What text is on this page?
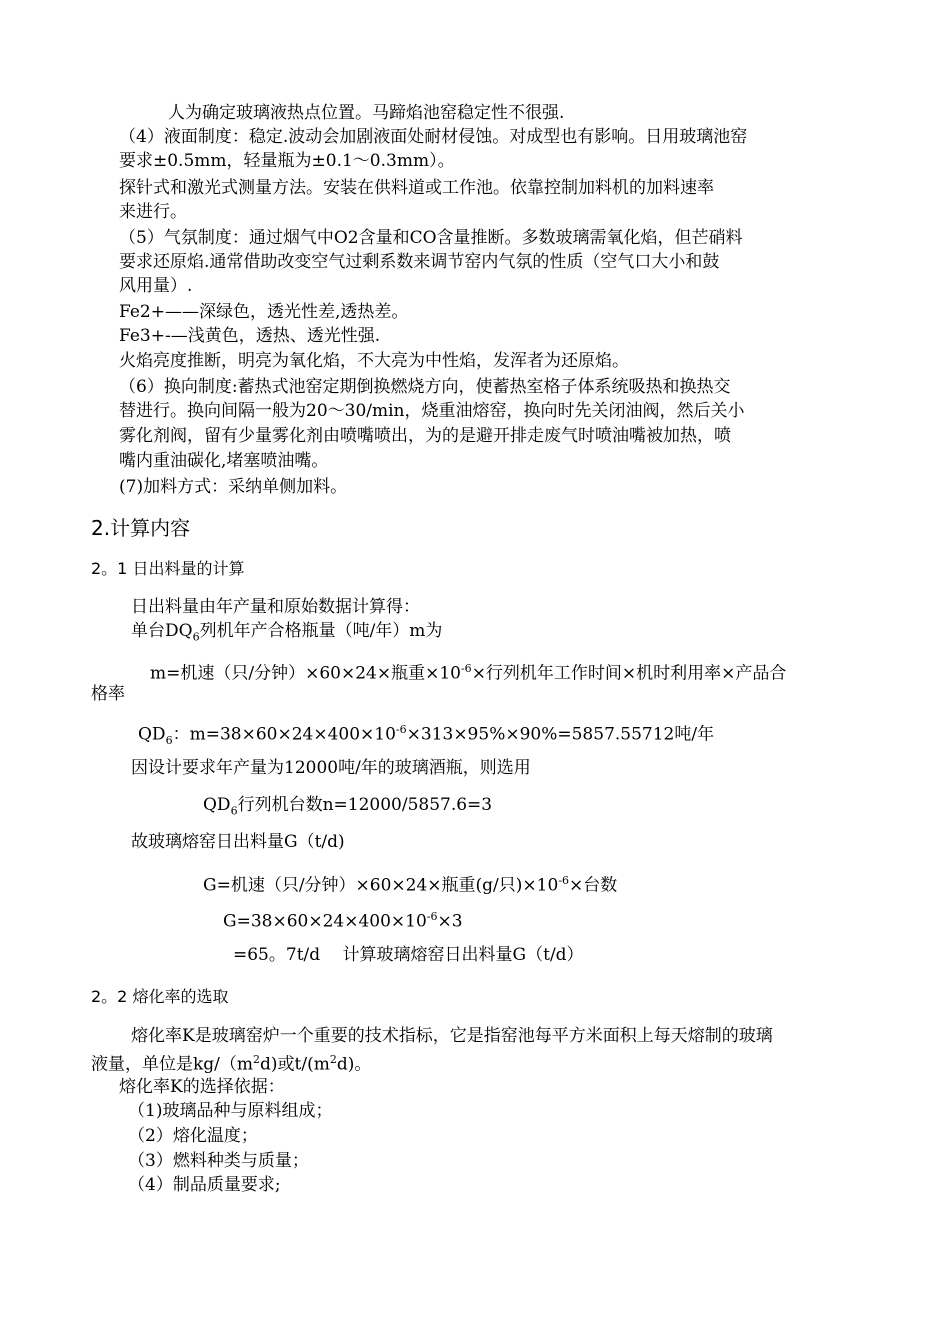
人为确定玻璃液热点位置。马蹄焰池窑稳定性不很强.
（4）液面制度：稳定.波动会加剧液面处耐材侵蚀。对成型也有影响。日用玻璃池窑
要求±0.5mm，轻量瓶为±0.1～0.3mm）。
探针式和激光式测量方法。安装在供料道或工作池。依靠控制加料机的加料速率
来进行。
（5）气氛制度：通过烟气中O2含量和CO含量推断。多数玻璃需氧化焰，但芒硝料
要求还原焰.通常借助改变空气过剩系数来调节窑内气氛的性质（空气口大小和鼓
风用量）.
Fe2+——深绿色，透光性差,透热差。
Fe3+-—浅黄色，透热、透光性强.
火焰亮度推断，明亮为氧化焰，不大亮为中性焰，发浑者为还原焰。
（6）换向制度:蓄热式池窑定期倒换燃烧方向，使蓄热室格子体系统吸热和换热交
替进行。换向间隔一般为20～30/min，烧重油熔窑，换向时先关闭油阀，然后关小
雾化剂阀，留有少量雾化剂由喷嘴喷出，为的是避开排走废气时喷油嘴被加热，喷
嘴内重油碳化,堵塞喷油嘴。
(7)加料方式：采纳单侧加料。
2.计算内容
2。1 日出料量的计算
日出料量由年产量和原始数据计算得：
单台$DQ_6$列机年产合格瓶量（吨/年）m为
m=机速（只/分钟）×60×24×瓶重$\times 10^{-6}\times$行列机年工作时间×机时利用率×产品合
格率
$QD_6$：$m=38\times 60\times 24\times 400\times 10^{-6}\times 313\times 95\%\times 90\%=5857.55712$吨/年
因设计要求年产量为12000吨/年的玻璃酒瓶，则选用
$QD_6$行列机台数n=12000/5857.6=3
故玻璃熔窑日出料量G（t/d)
G=机速（只/分钟）×60×24×瓶重(g/只)$\times 10^{-6}\times$台数
$G=38\times 60\times 24\times 400\times 10^{-6}\times 3$
=65。7t/d　 计算玻璃熔窑日出料量G（t/d）
2。2 熔化率的选取
熔化率K是玻璃窑炉一个重要的技术指标，它是指窑池每平方米面积上每天熔制的玻璃
液量，单位是$kg/(m^2d)$或$t/(m^2d)$。
熔化率K的选择依据：
（1)玻璃品种与原料组成；
（2）熔化温度；
（3）燃料种类与质量；
（4）制品质量要求;
